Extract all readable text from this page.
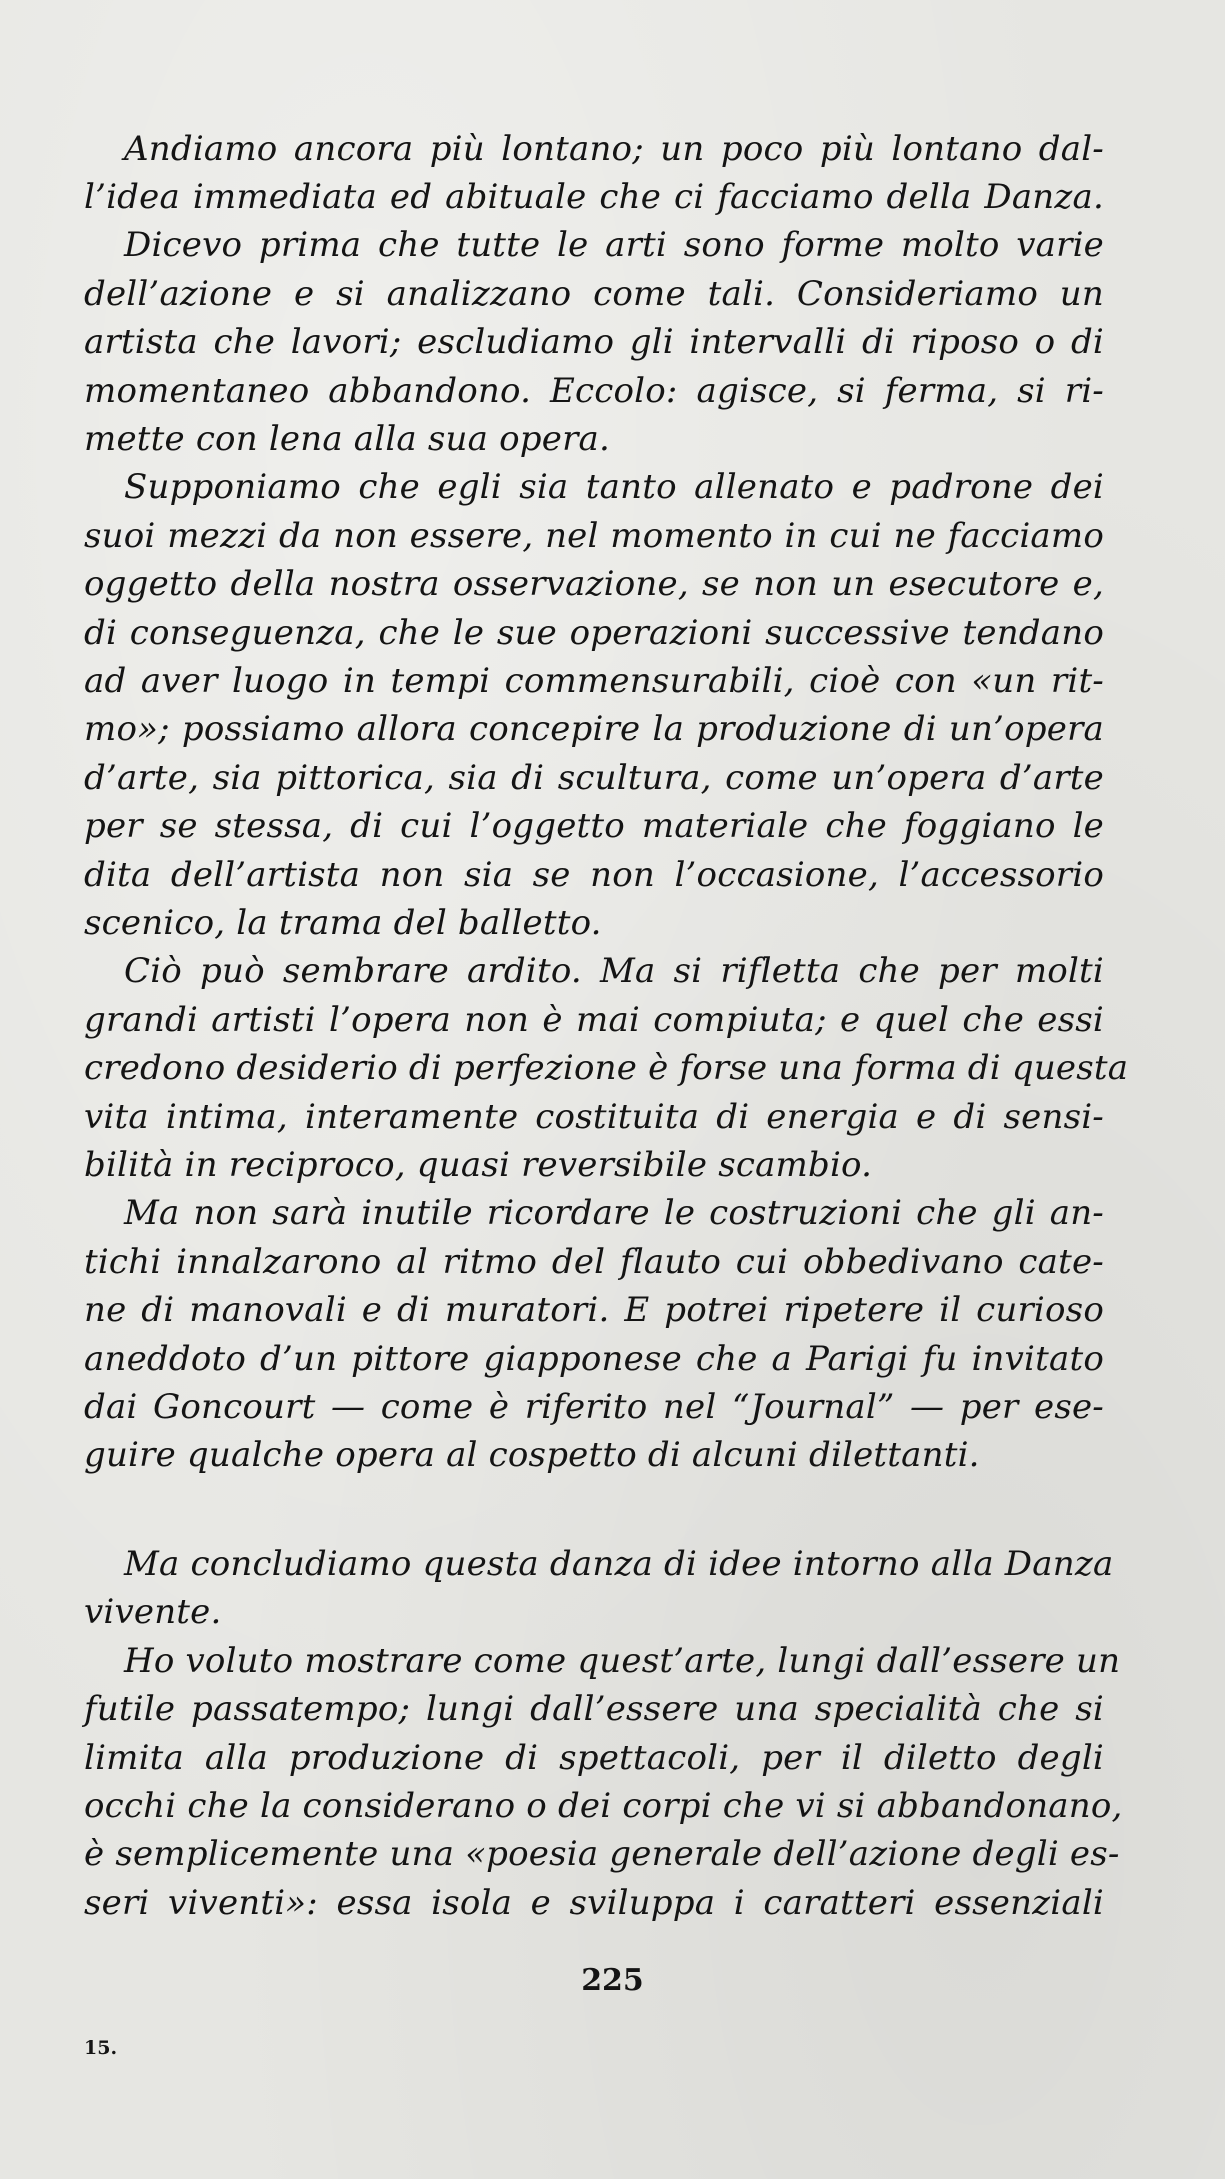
Andiamo ancora più lontano; un poco più lontano dal-
l’idea immediata ed abituale che ci facciamo della Danza.
Dicevo prima che tutte le arti sono forme molto varie
dell’azione e si analizzano come tali. Consideriamo un
artista che lavori; escludiamo gli intervalli di riposo o di
momentaneo abbandono. Eccolo: agisce, si ferma, si ri-
mette con lena alla sua opera.
Supponiamo che egli sia tanto allenato e padrone dei
suoi mezzi da non essere, nel momento in cui ne facciamo
oggetto della nostra osservazione, se non un esecutore e,
di conseguenza, che le sue operazioni successive tendano
ad aver luogo in tempi commensurabili, cioè con «un rit-
mo»; possiamo allora concepire la produzione di un’opera
d’arte, sia pittorica, sia di scultura, come un’opera d’arte
per se stessa, di cui l’oggetto materiale che foggiano le
dita dell’artista non sia se non l’occasione, l’accessorio
scenico, la trama del balletto.
Ciò può sembrare ardito. Ma si rifletta che per molti
grandi artisti l’opera non è mai compiuta; e quel che essi
credono desiderio di perfezione è forse una forma di questa
vita intima, interamente costituita di energia e di sensi-
bilità in reciproco, quasi reversibile scambio.
Ma non sarà inutile ricordare le costruzioni che gli an-
tichi innalzarono al ritmo del flauto cui obbedivano cate-
ne di manovali e di muratori. E potrei ripetere il curioso
aneddoto d’un pittore giapponese che a Parigi fu invitato
dai Goncourt — come è riferito nel “Journal” — per ese-
guire qualche opera al cospetto di alcuni dilettanti.
Ma concludiamo questa danza di idee intorno alla Danza
vivente.
Ho voluto mostrare come quest’arte, lungi dall’essere un
futile passatempo; lungi dall’essere una specialità che si
limita alla produzione di spettacoli, per il diletto degli
occhi che la considerano o dei corpi che vi si abbandonano,
è semplicemente una «poesia generale dell’azione degli es-
seri viventi»: essa isola e sviluppa i caratteri essenziali
225
15.
